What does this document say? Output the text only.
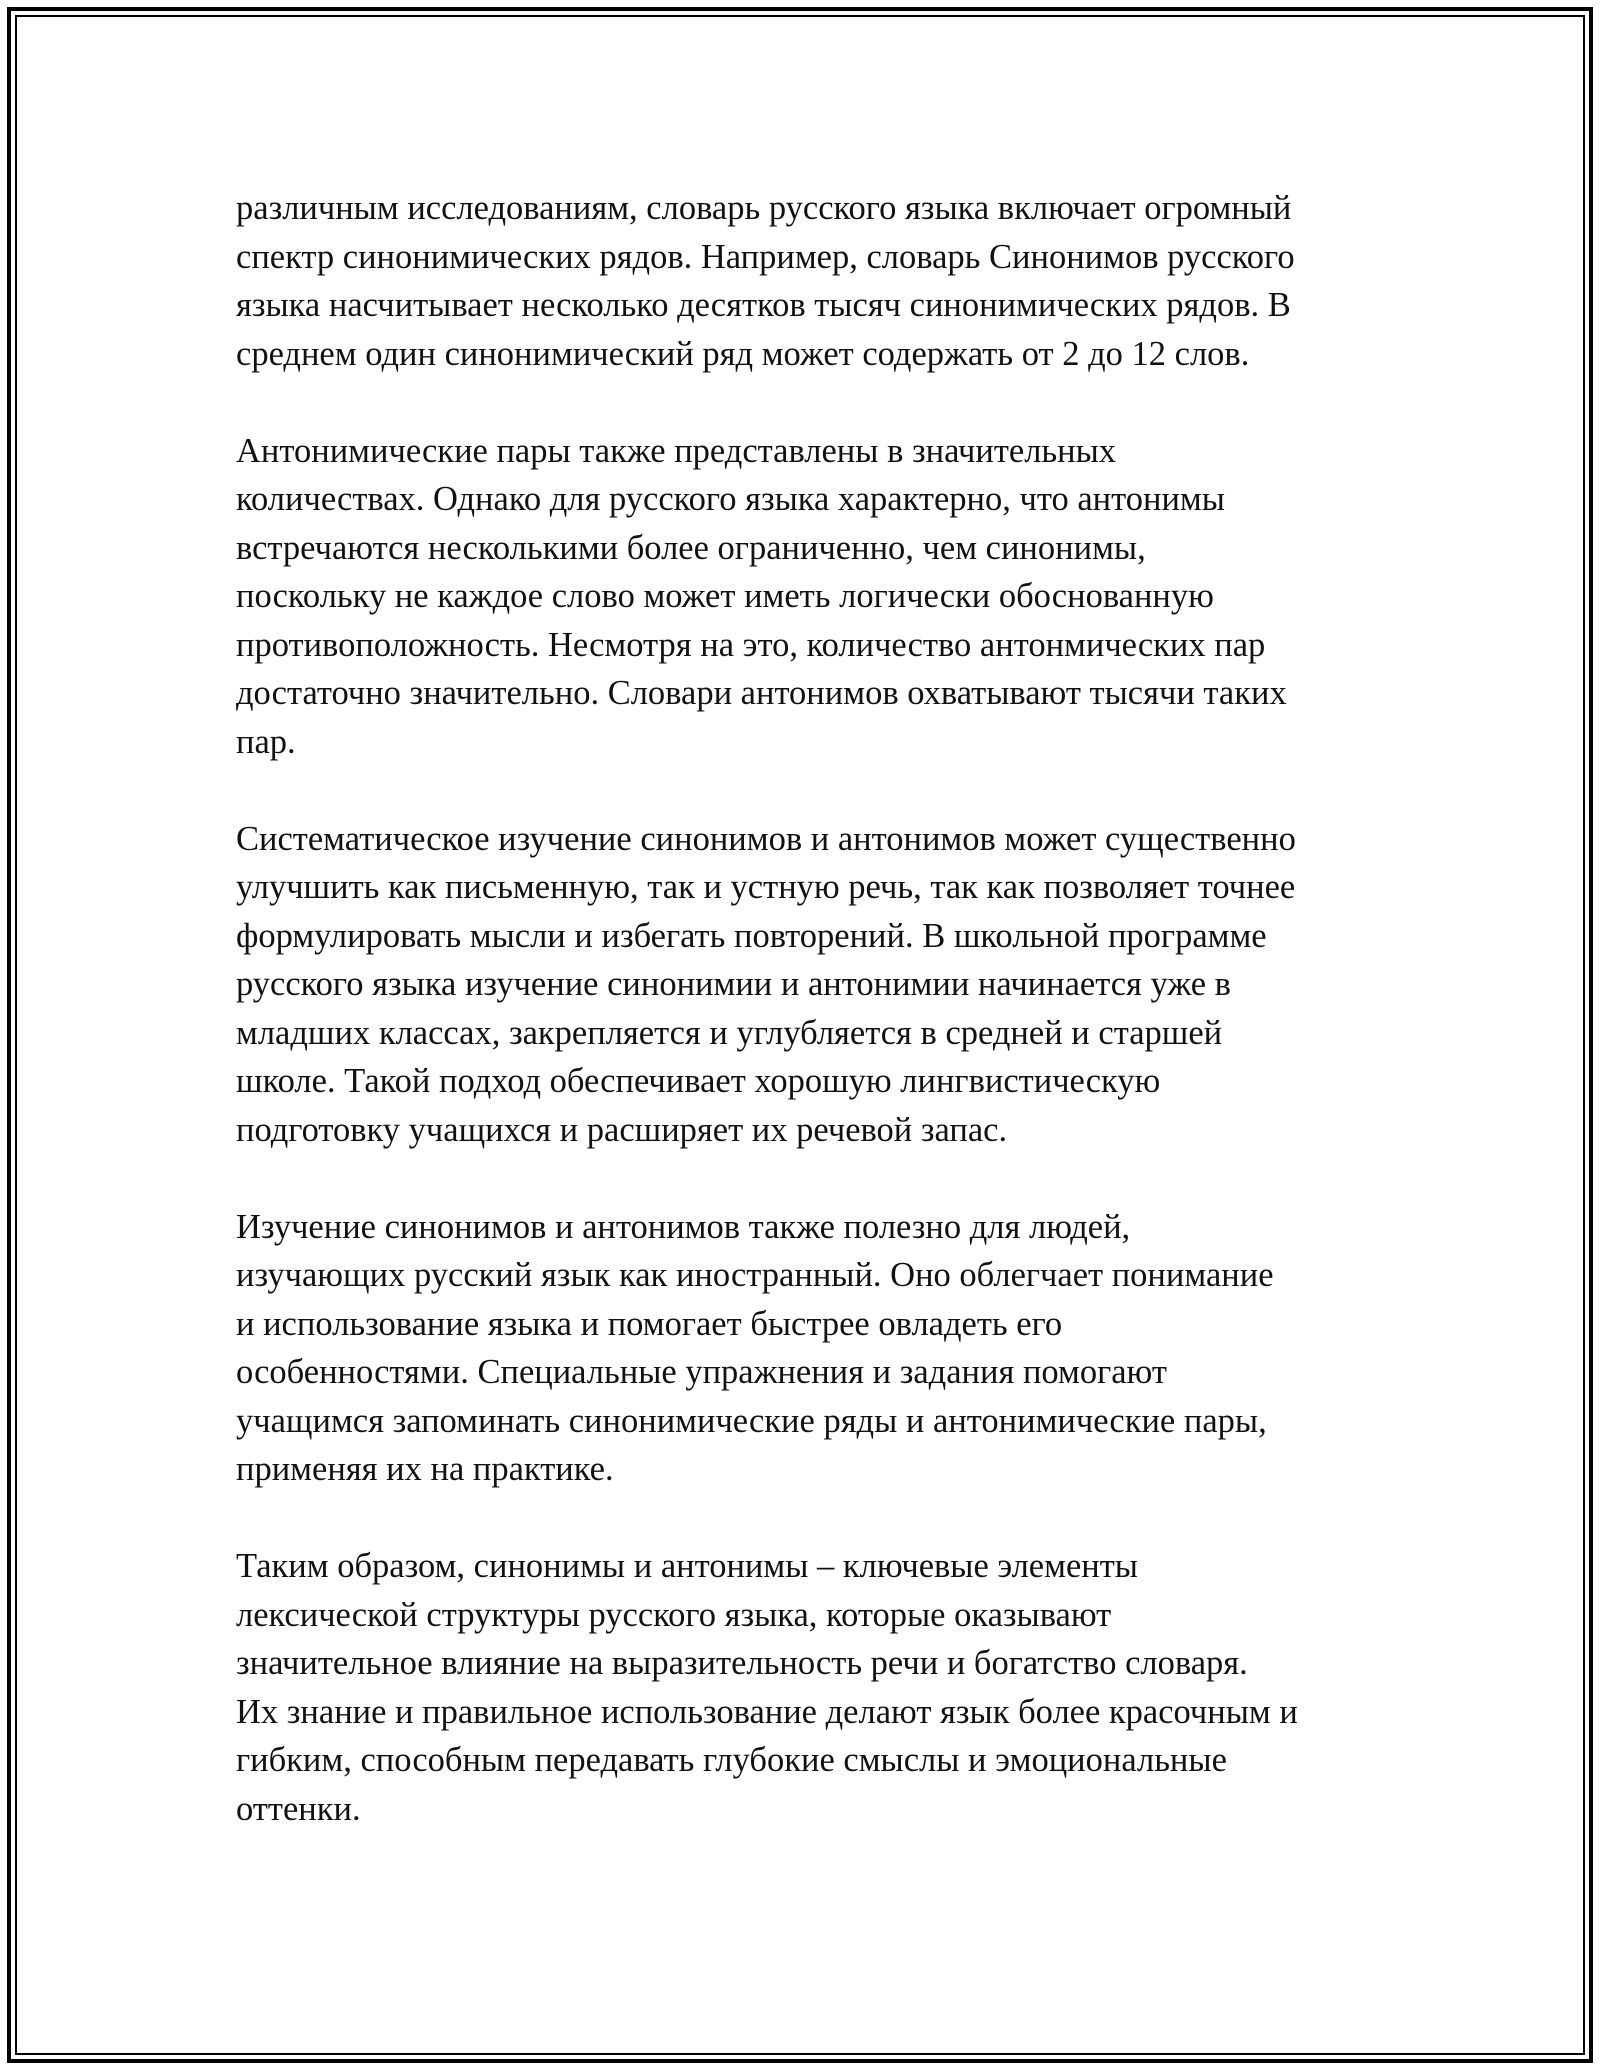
различным исследованиям, словарь русского языка включает огромный
спектр синонимических рядов. Например, словарь Синонимов русского
языка насчитывает несколько десятков тысяч синонимических рядов. В
среднем один синонимический ряд может содержать от 2 до 12 слов.

Антонимические пары также представлены в значительных
количествах. Однако для русского языка характерно, что антонимы
встречаются несколькими более ограниченно, чем синонимы,
поскольку не каждое слово может иметь логически обоснованную
противоположность. Несмотря на это, количество антонмических пар
достаточно значительно. Словари антонимов охватывают тысячи таких
пар.

Систематическое изучение синонимов и антонимов может существенно
улучшить как письменную, так и устную речь, так как позволяет точнее
формулировать мысли и избегать повторений. В школьной программе
русского языка изучение синонимии и антонимии начинается уже в
младших классах, закрепляется и углубляется в средней и старшей
школе. Такой подход обеспечивает хорошую лингвистическую
подготовку учащихся и расширяет их речевой запас.

Изучение синонимов и антонимов также полезно для людей,
изучающих русский язык как иностранный. Оно облегчает понимание
и использование языка и помогает быстрее овладеть его
особенностями. Специальные упражнения и задания помогают
учащимся запоминать синонимические ряды и антонимические пары,
применяя их на практике.

Таким образом, синонимы и антонимы – ключевые элементы
лексической структуры русского языка, которые оказывают
значительное влияние на выразительность речи и богатство словаря.
Их знание и правильное использование делают язык более красочным и
гибким, способным передавать глубокие смыслы и эмоциональные
оттенки.
